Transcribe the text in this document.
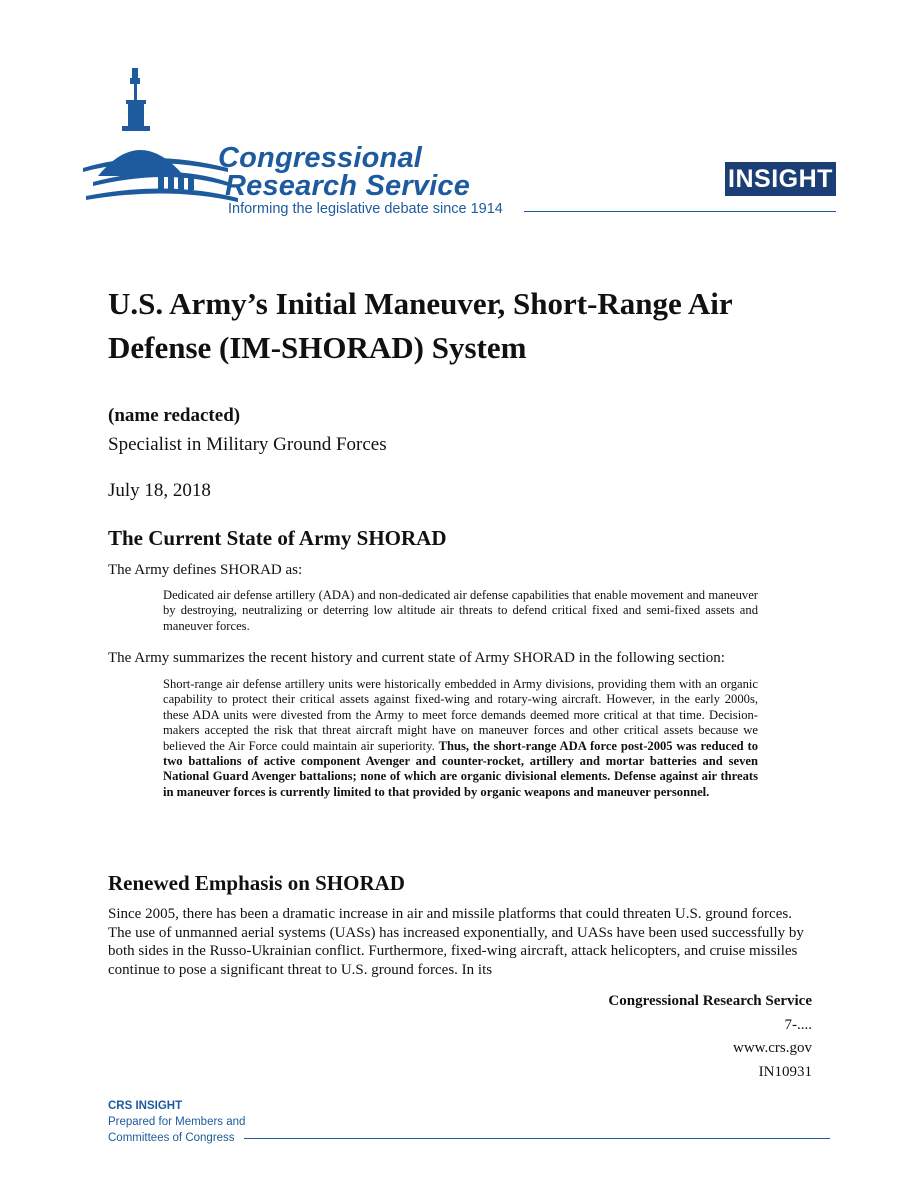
Congressional
Research Service
Informing the legislative debate since 1914
INSIGHT
U.S. Army’s Initial Maneuver, Short-Range Air Defense (IM-SHORAD) System
(name redacted)
Specialist in Military Ground Forces
July 18, 2018
The Current State of Army SHORAD
The Army defines SHORAD as:
Dedicated air defense artillery (ADA) and non-dedicated air defense capabilities that enable movement and maneuver by destroying, neutralizing or deterring low altitude air threats to defend critical fixed and semi-fixed assets and maneuver forces.
The Army summarizes the recent history and current state of Army SHORAD in the following section:
Short-range air defense artillery units were historically embedded in Army divisions, providing them with an organic capability to protect their critical assets against fixed-wing and rotary-wing aircraft. However, in the early 2000s, these ADA units were divested from the Army to meet force demands deemed more critical at that time. Decision-makers accepted the risk that threat aircraft might have on maneuver forces and other critical assets because we believed the Air Force could maintain air superiority. Thus, the short-range ADA force post-2005 was reduced to two battalions of active component Avenger and counter-rocket, artillery and mortar batteries and seven National Guard Avenger battalions; none of which are organic divisional elements. Defense against air threats in maneuver forces is currently limited to that provided by organic weapons and maneuver personnel.
Renewed Emphasis on SHORAD
Since 2005, there has been a dramatic increase in air and missile platforms that could threaten U.S. ground forces. The use of unmanned aerial systems (UASs) has increased exponentially, and UASs have been used successfully by both sides in the Russo-Ukrainian conflict. Furthermore, fixed-wing aircraft, attack helicopters, and cruise missiles continue to pose a significant threat to U.S. ground forces. In its
Congressional Research Service
7-....
www.crs.gov
IN10931
CRS INSIGHT
Prepared for Members and
Committees of Congress
